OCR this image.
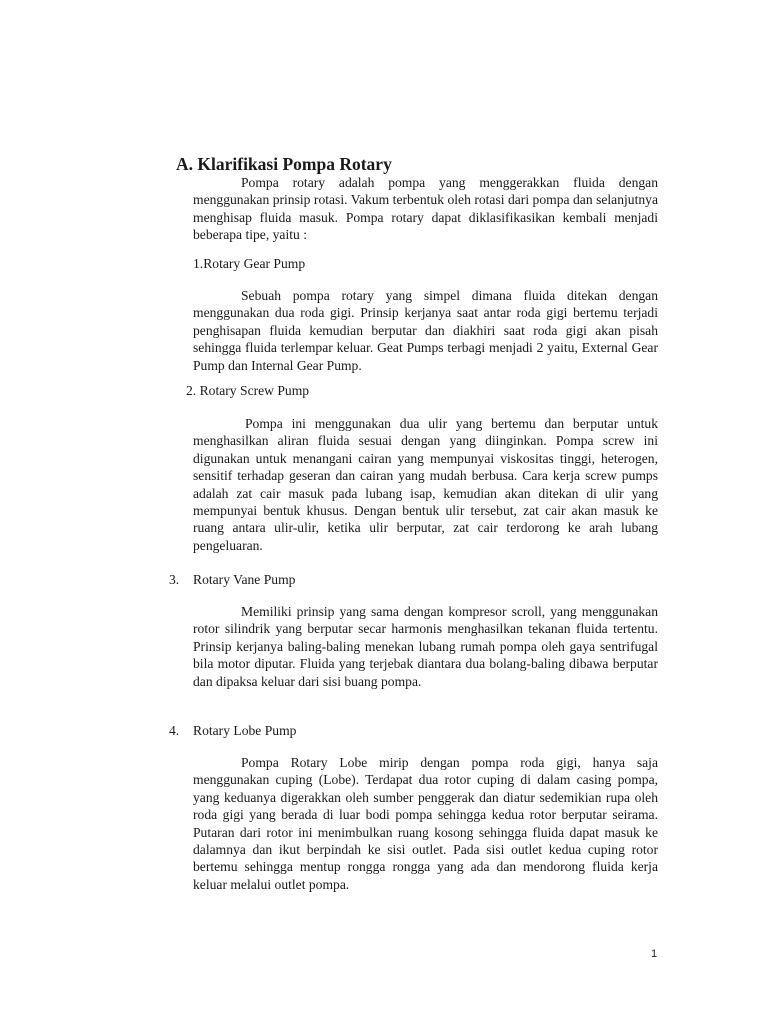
A. Klarifikasi Pompa Rotary

Pompa rotary adalah pompa yang menggerakkan fluida dengan menggunakan prinsip rotasi. Vakum terbentuk oleh rotasi dari pompa dan selanjutnya menghisap fluida masuk. Pompa rotary dapat diklasifikasikan kembali menjadi beberapa tipe, yaitu :

1.Rotary Gear Pump

Sebuah pompa rotary yang simpel dimana fluida ditekan dengan menggunakan dua roda gigi. Prinsip kerjanya saat antar roda gigi bertemu terjadi penghisapan fluida kemudian berputar dan diakhiri saat roda gigi akan pisah sehingga fluida terlempar keluar. Geat Pumps terbagi menjadi 2 yaitu, External Gear Pump dan Internal Gear Pump.

2. Rotary Screw Pump

Pompa ini menggunakan dua ulir yang bertemu dan berputar untuk menghasilkan aliran fluida sesuai dengan yang diinginkan. Pompa screw ini digunakan untuk menangani cairan yang mempunyai viskositas tinggi, heterogen, sensitif terhadap geseran dan cairan yang mudah berbusa. Cara kerja screw pumps adalah zat cair masuk pada lubang isap, kemudian akan ditekan di ulir yang mempunyai bentuk khusus. Dengan bentuk ulir tersebut, zat cair akan masuk ke ruang antara ulir-ulir, ketika ulir berputar, zat cair terdorong ke arah lubang pengeluaran.

3. Rotary Vane Pump

Memiliki prinsip yang sama dengan kompresor scroll, yang menggunakan rotor silindrik yang berputar secar harmonis menghasilkan tekanan fluida tertentu. Prinsip kerjanya baling-baling menekan lubang rumah pompa oleh gaya sentrifugal bila motor diputar. Fluida yang terjebak diantara dua bolang-baling dibawa berputar dan dipaksa keluar dari sisi buang pompa.

4. Rotary Lobe Pump

Pompa Rotary Lobe mirip dengan pompa roda gigi, hanya saja menggunakan cuping (Lobe). Terdapat dua rotor cuping di dalam casing pompa, yang keduanya digerakkan oleh sumber penggerak dan diatur sedemikian rupa oleh roda gigi yang berada di luar bodi pompa sehingga kedua rotor berputar seirama. Putaran dari rotor ini menimbulkan ruang kosong sehingga fluida dapat masuk ke dalamnya dan ikut berpindah ke sisi outlet. Pada sisi outlet kedua cuping rotor bertemu sehingga mentup rongga rongga yang ada dan mendorong fluida kerja keluar melalui outlet pompa.

1
